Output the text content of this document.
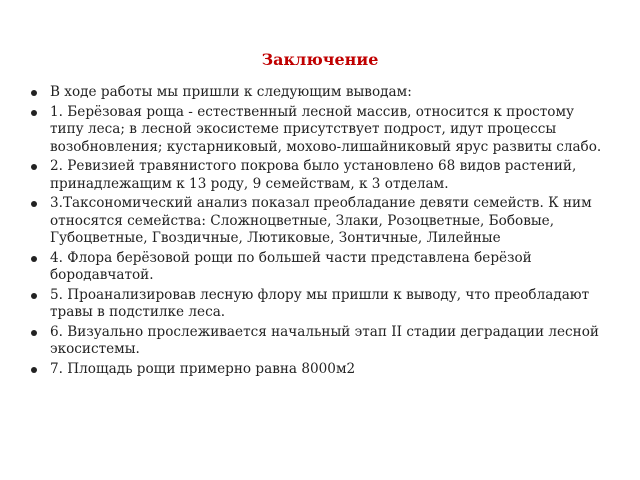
Заключение
В ходе работы мы пришли к следующим выводам:
1. Берёзовая роща - естественный лесной массив, относится к простому типу леса; в лесной экосистеме присутствует подрост, идут процессы возобновления; кустарниковый, мохово-лишайниковый ярус развиты слабо.
2. Ревизией травянистого покрова было установлено 68 видов растений, принадлежащим к 13 роду, 9 семействам, к 3 отделам.
3.Таксономический анализ показал преобладание девяти семейств. К ним относятся семейства: Сложноцветные, Злаки, Розоцветные, Бобовые, Губоцветные, Гвоздичные, Лютиковые, Зонтичные, Лилейные
4. Флора берёзовой рощи по большей части представлена берёзой бородавчатой.
5. Проанализировав лесную флору мы пришли к выводу, что преобладают травы в подстилке леса.
6. Визуально прослеживается начальный этап II стадии деградации лесной экосистемы.
7. Площадь рощи примерно равна 8000м2
